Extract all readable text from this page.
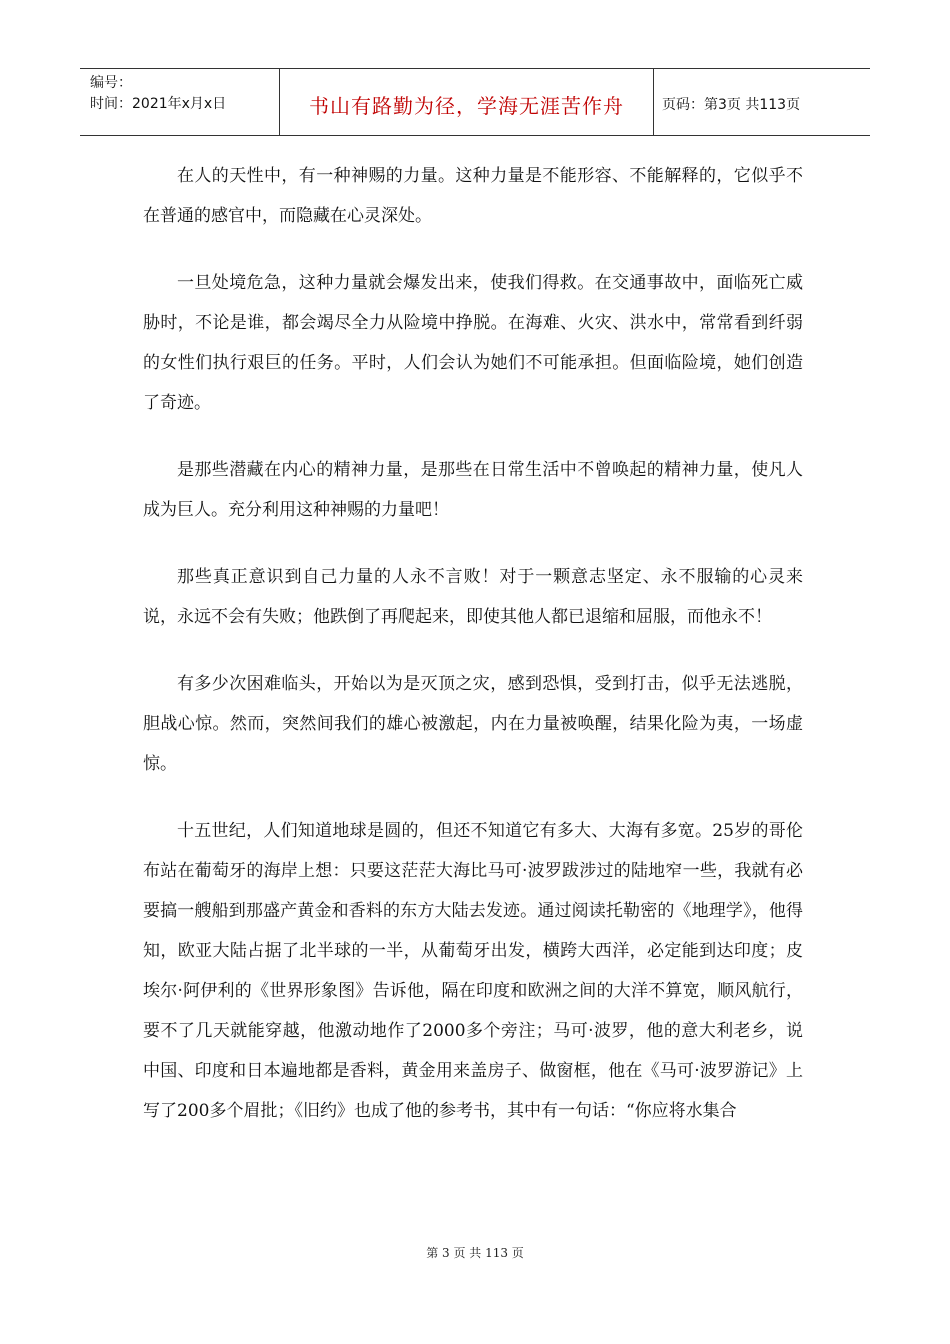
编号：
时间：2021年x月x日	书山有路勤为径，学海无涯苦作舟	页码：第3页 共113页

在人的天性中，有一种神赐的力量。这种力量是不能形容、不能解释的，它似乎不在普通的感官中，而隐藏在心灵深处。

一旦处境危急，这种力量就会爆发出来，使我们得救。在交通事故中，面临死亡威胁时，不论是谁，都会竭尽全力从险境中挣脱。在海难、火灾、洪水中，常常看到纤弱的女性们执行艰巨的任务。平时，人们会认为她们不可能承担。但面临险境，她们创造了奇迹。

是那些潜藏在内心的精神力量，是那些在日常生活中不曾唤起的精神力量，使凡人成为巨人。充分利用这种神赐的力量吧！

那些真正意识到自己力量的人永不言败！对于一颗意志坚定、永不服输的心灵来说，永远不会有失败；他跌倒了再爬起来，即使其他人都已退缩和屈服，而他永不！

有多少次困难临头，开始以为是灭顶之灾，感到恐惧，受到打击，似乎无法逃脱，胆战心惊。然而，突然间我们的雄心被激起，内在力量被唤醒，结果化险为夷，一场虚惊。

十五世纪，人们知道地球是圆的，但还不知道它有多大、大海有多宽。25岁的哥伦布站在葡萄牙的海岸上想：只要这茫茫大海比马可·波罗跋涉过的陆地窄一些，我就有必要搞一艘船到那盛产黄金和香料的东方大陆去发迹。通过阅读托勒密的《地理学》，他得知，欧亚大陆占据了北半球的一半，从葡萄牙出发，横跨大西洋，必定能到达印度；皮埃尔·阿伊利的《世界形象图》告诉他，隔在印度和欧洲之间的大洋不算宽，顺风航行，要不了几天就能穿越，他激动地作了2000多个旁注；马可·波罗，他的意大利老乡，说中国、印度和日本遍地都是香料，黄金用来盖房子、做窗框，他在《马可·波罗游记》上写了200多个眉批；《旧约》也成了他的参考书，其中有一句话：“你应将水集合

第 3 页 共 113 页
